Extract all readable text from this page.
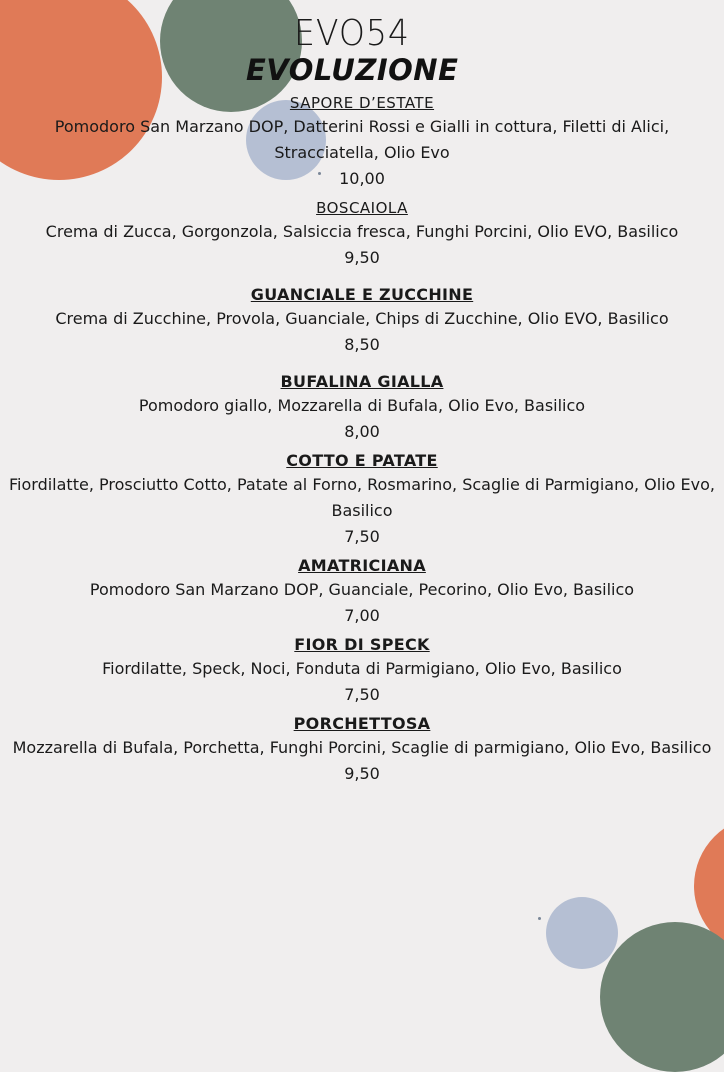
EVO54
EVOLUZIONE
SAPORE D’ESTATE
Pomodoro San Marzano DOP, Datterini Rossi e Gialli in cottura, Filetti di Alici, Stracciatella, Olio Evo
10,00
BOSCAIOLA
Crema di Zucca, Gorgonzola, Salsiccia fresca, Funghi Porcini, Olio EVO, Basilico
9,50
GUANCIALE E ZUCCHINE
Crema di Zucchine, Provola, Guanciale, Chips di Zucchine, Olio EVO, Basilico
8,50
BUFALINA GIALLA
Pomodoro giallo, Mozzarella di Bufala, Olio Evo, Basilico
8,00
COTTO E PATATE
Fiordilatte, Prosciutto Cotto, Patate al Forno, Rosmarino, Scaglie di Parmigiano, Olio Evo, Basilico
7,50
AMATRICIANA
Pomodoro San Marzano DOP, Guanciale, Pecorino, Olio Evo, Basilico
7,00
FIOR DI SPECK
Fiordilatte, Speck, Noci, Fonduta di Parmigiano, Olio Evo, Basilico
7,50
PORCHETTOSA
Mozzarella di Bufala, Porchetta, Funghi Porcini, Scaglie di parmigiano, Olio Evo, Basilico
9,50
